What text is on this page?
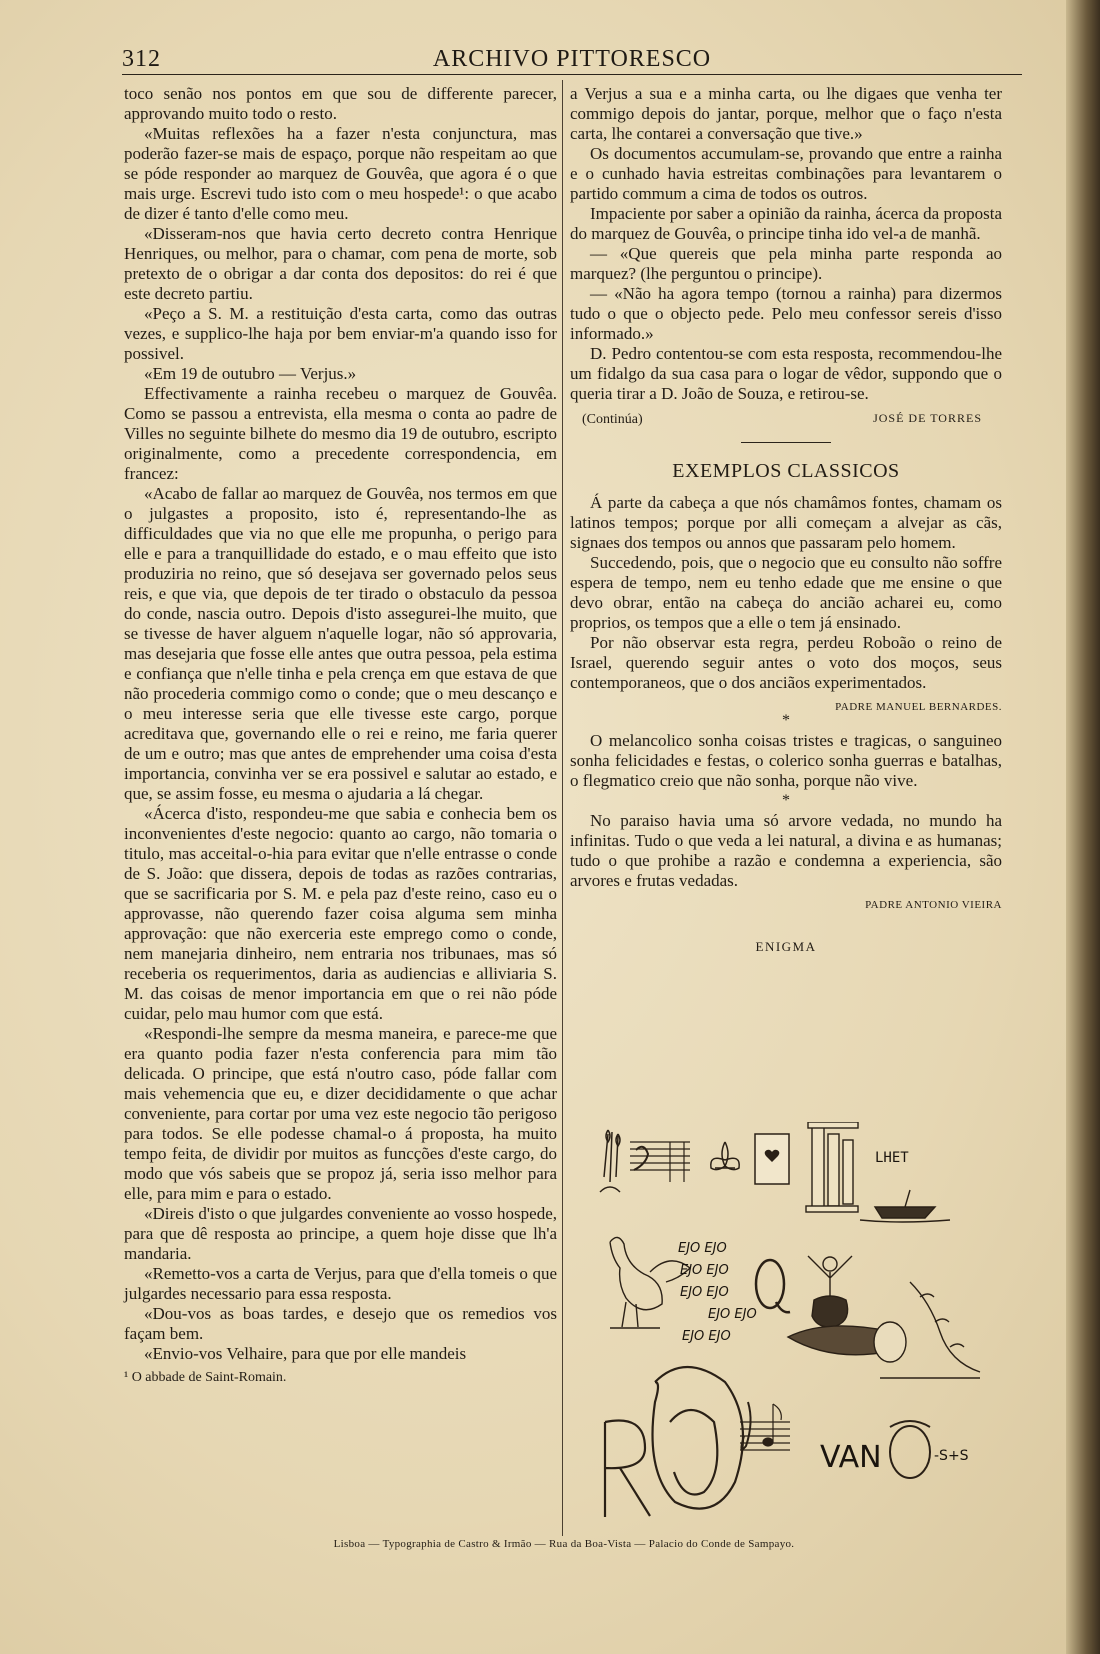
312	ARCHIVO PITTORESCO

toco senão nos pontos em que sou de differente parecer, approvando muito todo o resto.

«Muitas reflexões ha a fazer n'esta conjunctura, mas poderão fazer-se mais de espaço, porque não respeitam ao que se póde responder ao marquez de Gouvêa, que agora é o que mais urge. Escrevi tudo isto com o meu hospede¹: o que acabo de dizer é tanto d'elle como meu.

«Disseram-nos que havia certo decreto contra Henrique Henriques, ou melhor, para o chamar, com pena de morte, sob pretexto de o obrigar a dar conta dos depositos: do rei é que este decreto partiu.

«Peço a S. M. a restituição d'esta carta, como das outras vezes, e supplico-lhe haja por bem enviar-m'a quando isso for possivel.

«Em 19 de outubro — Verjus.»

Effectivamente a rainha recebeu o marquez de Gouvêa. Como se passou a entrevista, ella mesma o conta ao padre de Villes no seguinte bilhete do mesmo dia 19 de outubro, escripto originalmente, como a precedente correspondencia, em francez:

«Acabo de fallar ao marquez de Gouvêa, nos termos em que o julgastes a proposito, isto é, representando-lhe as difficuldades que via no que elle me propunha, o perigo para elle e para a tranquillidade do estado, e o mau effeito que isto produziria no reino, que só desejava ser governado pelos seus reis, e que via, que depois de ter tirado o obstaculo da pessoa do conde, nascia outro. Depois d'isto assegurei-lhe muito, que se tivesse de haver alguem n'aquelle logar, não só approvaria, mas desejaria que fosse elle antes que outra pessoa, pela estima e confiança que n'elle tinha e pela crença em que estava de que não procederia commigo como o conde; que o meu descanço e o meu interesse seria que elle tivesse este cargo, porque acreditava que, governando elle o rei e reino, me faria querer de um e outro; mas que antes de emprehender uma coisa d'esta importancia, convinha ver se era possivel e salutar ao estado, e que, se assim fosse, eu mesma o ajudaria a lá chegar.

«Ácerca d'isto, respondeu-me que sabia e conhecia bem os inconvenientes d'este negocio: quanto ao cargo, não tomaria o titulo, mas acceital-o-hia para evitar que n'elle entrasse o conde de S. João: que dissera, depois de todas as razões contrarias, que se sacrificaria por S. M. e pela paz d'este reino, caso eu o approvasse, não querendo fazer coisa alguma sem minha approvação: que não exerceria este emprego como o conde, nem manejaria dinheiro, nem entraria nos tribunaes, mas só receberia os requerimentos, daria as audiencias e alliviaria S. M. das coisas de menor importancia em que o rei não póde cuidar, pelo mau humor com que está.

«Respondi-lhe sempre da mesma maneira, e parece-me que era quanto podia fazer n'esta conferencia para mim tão delicada. O principe, que está n'outro caso, póde fallar com mais vehemencia que eu, e dizer decididamente o que achar conveniente, para cortar por uma vez este negocio tão perigoso para todos. Se elle podesse chamal-o á proposta, ha muito tempo feita, de dividir por muitos as funcções d'este cargo, do modo que vós sabeis que se propoz já, seria isso melhor para elle, para mim e para o estado.

«Direis d'isto o que julgardes conveniente ao vosso hospede, para que dê resposta ao principe, a quem hoje disse que lh'a mandaria.

«Remetto-vos a carta de Verjus, para que d'ella tomeis o que julgardes necessario para essa resposta.

«Dou-vos as boas tardes, e desejo que os remedios vos façam bem.

«Envio-vos Velhaire, para que por elle mandeis

¹ O abbade de Saint-Romain.

a Verjus a sua e a minha carta, ou lhe digaes que venha ter commigo depois do jantar, porque, melhor que o faço n'esta carta, lhe contarei a conversação que tive.»

Os documentos accumulam-se, provando que entre a rainha e o cunhado havia estreitas combinações para levantarem o partido commum a cima de todos os outros.

Impaciente por saber a opinião da rainha, ácerca da proposta do marquez de Gouvêa, o principe tinha ido vel-a de manhã.

— «Que quereis que pela minha parte responda ao marquez? (lhe perguntou o principe).

— «Não ha agora tempo (tornou a rainha) para dizermos tudo o que o objecto pede. Pelo meu confessor sereis d'isso informado.»

D. Pedro contentou-se com esta resposta, recommendou-lhe um fidalgo da sua casa para o logar de vêdor, suppondo que o queria tirar a D. João de Souza, e retirou-se.

(Continúa)	JOSÉ DE TORRES
EXEMPLOS CLASSICOS

Á parte da cabeça a que nós chamâmos fontes, chamam os latinos tempos; porque por alli começam a alvejar as cãs, signaes dos tempos ou annos que passaram pelo homem.

Succedendo, pois, que o negocio que eu consulto não soffre espera de tempo, nem eu tenho edade que me ensine o que devo obrar, então na cabeça do ancião acharei eu, como proprios, os tempos que a elle o tem já ensinado.

Por não observar esta regra, perdeu Roboão o reino de Israel, querendo seguir antes o voto dos moços, seus contemporaneos, que o dos anciãos experimentados.

PADRE MANUEL BERNARDES.
*

O melancolico sonha coisas tristes e tragicas, o sanguineo sonha felicidades e festas, o colerico sonha guerras e batalhas, o flegmatico creio que não sonha, porque não vive.

*

No paraiso havia uma só arvore vedada, no mundo ha infinitas. Tudo o que veda a lei natural, a divina e as humanas; tudo o que prohibe a razão e condemna a experiencia, são arvores e frutas vedadas.

PADRE ANTONIO VIEIRA
ENIGMA
LHET
EJO EJO
EJO EJO
EJO EJO
EJO EJO
EJO EJO
VAN	-S+S
Lisboa — Typographia de Castro & Irmão — Rua da Boa-Vista — Palacio do Conde de Sampayo.
